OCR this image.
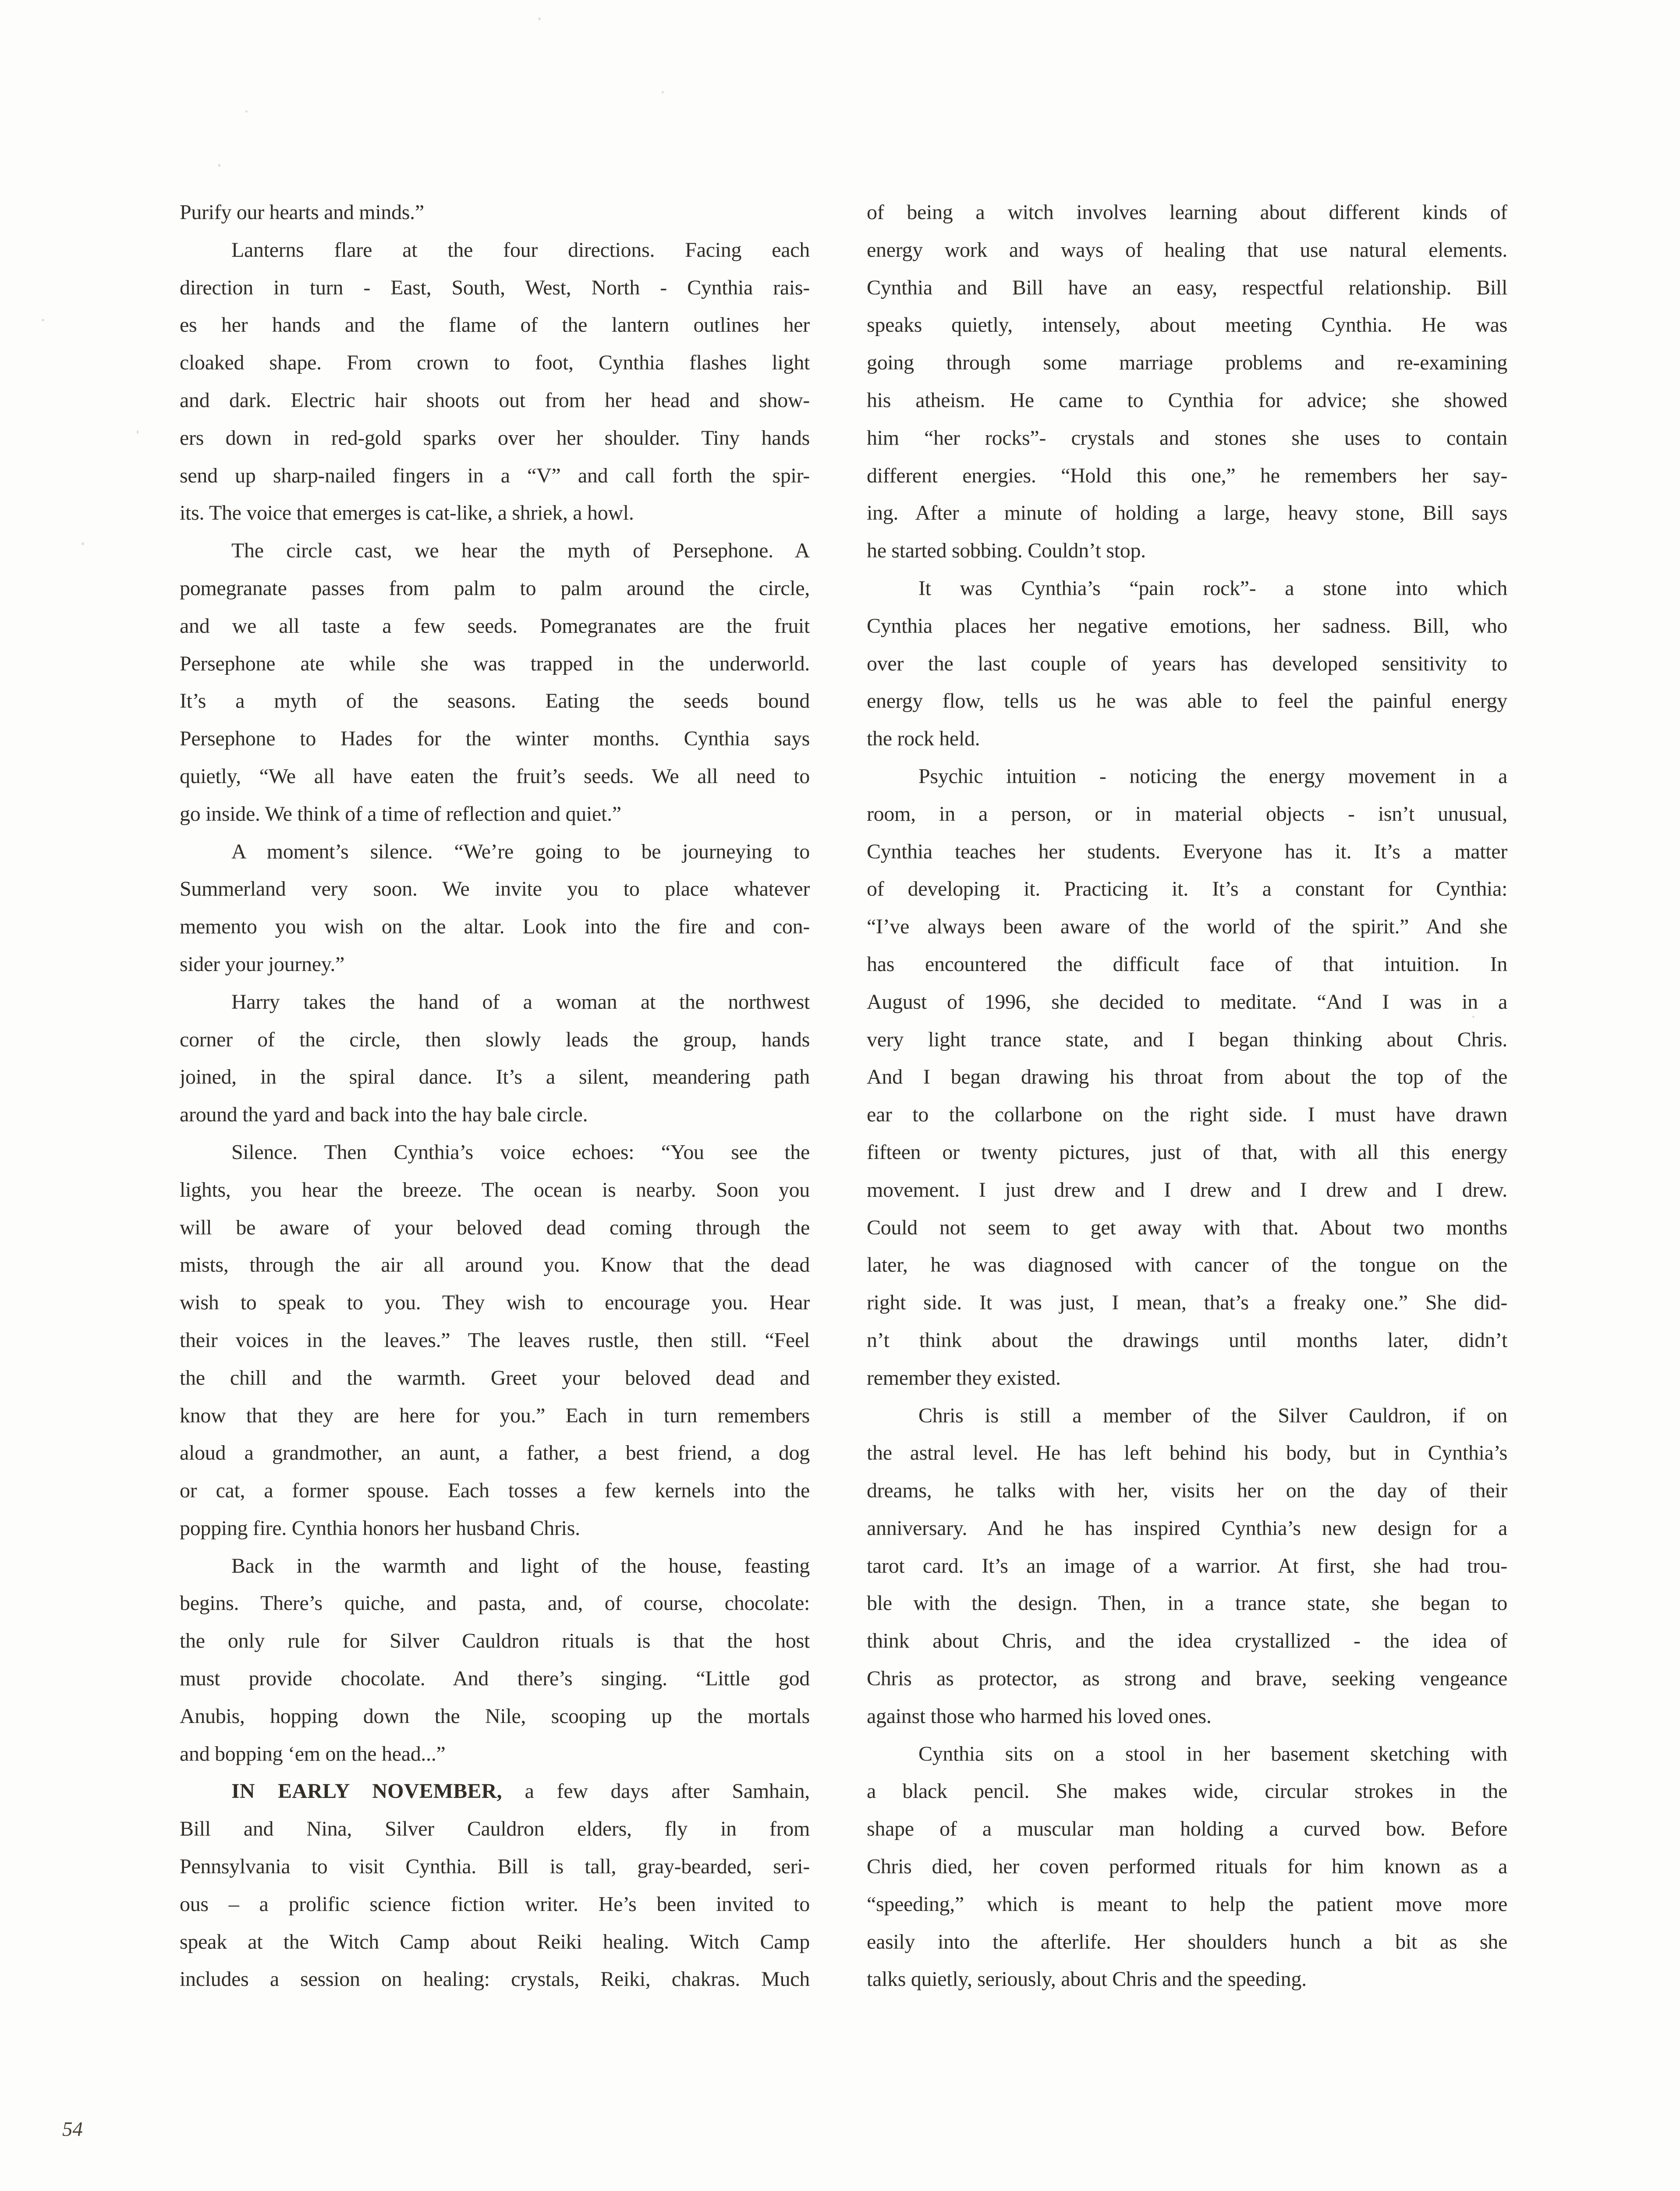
Purify our hearts and minds.”
Lanterns flare at the four directions. Facing each
direction in turn - East, South, West, North - Cynthia rais-
es her hands and the flame of the lantern outlines her
cloaked shape. From crown to foot, Cynthia flashes light
and dark. Electric hair shoots out from her head and show-
ers down in red-gold sparks over her shoulder. Tiny hands
send up sharp-nailed fingers in a “V” and call forth the spir-
its. The voice that emerges is cat-like, a shriek, a howl.
The circle cast, we hear the myth of Persephone. A
pomegranate passes from palm to palm around the circle,
and we all taste a few seeds. Pomegranates are the fruit
Persephone ate while she was trapped in the underworld.
It’s a myth of the seasons. Eating the seeds bound
Persephone to Hades for the winter months. Cynthia says
quietly, “We all have eaten the fruit’s seeds. We all need to
go inside. We think of a time of reflection and quiet.”
A moment’s silence. “We’re going to be journeying to
Summerland very soon. We invite you to place whatever
memento you wish on the altar. Look into the fire and con-
sider your journey.”
Harry takes the hand of a woman at the northwest
corner of the circle, then slowly leads the group, hands
joined, in the spiral dance. It’s a silent, meandering path
around the yard and back into the hay bale circle.
Silence. Then Cynthia’s voice echoes: “You see the
lights, you hear the breeze. The ocean is nearby. Soon you
will be aware of your beloved dead coming through the
mists, through the air all around you. Know that the dead
wish to speak to you. They wish to encourage you. Hear
their voices in the leaves.” The leaves rustle, then still. “Feel
the chill and the warmth. Greet your beloved dead and
know that they are here for you.” Each in turn remembers
aloud a grandmother, an aunt, a father, a best friend, a dog
or cat, a former spouse. Each tosses a few kernels into the
popping fire. Cynthia honors her husband Chris.
Back in the warmth and light of the house, feasting
begins. There’s quiche, and pasta, and, of course, chocolate:
the only rule for Silver Cauldron rituals is that the host
must provide chocolate. And there’s singing. “Little god
Anubis, hopping down the Nile, scooping up the mortals
and bopping ‘em on the head...”
IN EARLY NOVEMBER, a few days after Samhain,
Bill and Nina, Silver Cauldron elders, fly in from
Pennsylvania to visit Cynthia. Bill is tall, gray-bearded, seri-
ous – a prolific science fiction writer. He’s been invited to
speak at the Witch Camp about Reiki healing. Witch Camp
includes a session on healing: crystals, Reiki, chakras. Much
of being a witch involves learning about different kinds of
energy work and ways of healing that use natural elements.
Cynthia and Bill have an easy, respectful relationship. Bill
speaks quietly, intensely, about meeting Cynthia. He was
going through some marriage problems and re-examining
his atheism. He came to Cynthia for advice; she showed
him “her rocks”- crystals and stones she uses to contain
different energies. “Hold this one,” he remembers her say-
ing. After a minute of holding a large, heavy stone, Bill says
he started sobbing. Couldn’t stop.
It was Cynthia’s “pain rock”- a stone into which
Cynthia places her negative emotions, her sadness. Bill, who
over the last couple of years has developed sensitivity to
energy flow, tells us he was able to feel the painful energy
the rock held.
Psychic intuition - noticing the energy movement in a
room, in a person, or in material objects - isn’t unusual,
Cynthia teaches her students. Everyone has it. It’s a matter
of developing it. Practicing it. It’s a constant for Cynthia:
“I’ve always been aware of the world of the spirit.” And she
has encountered the difficult face of that intuition. In
August of 1996, she decided to meditate. “And I was in a
very light trance state, and I began thinking about Chris.
And I began drawing his throat from about the top of the
ear to the collarbone on the right side. I must have drawn
fifteen or twenty pictures, just of that, with all this energy
movement. I just drew and I drew and I drew and I drew.
Could not seem to get away with that. About two months
later, he was diagnosed with cancer of the tongue on the
right side. It was just, I mean, that’s a freaky one.” She did-
n’t think about the drawings until months later, didn’t
remember they existed.
Chris is still a member of the Silver Cauldron, if on
the astral level. He has left behind his body, but in Cynthia’s
dreams, he talks with her, visits her on the day of their
anniversary. And he has inspired Cynthia’s new design for a
tarot card. It’s an image of a warrior. At first, she had trou-
ble with the design. Then, in a trance state, she began to
think about Chris, and the idea crystallized - the idea of
Chris as protector, as strong and brave, seeking vengeance
against those who harmed his loved ones.
Cynthia sits on a stool in her basement sketching with
a black pencil. She makes wide, circular strokes in the
shape of a muscular man holding a curved bow. Before
Chris died, her coven performed rituals for him known as a
“speeding,” which is meant to help the patient move more
easily into the afterlife. Her shoulders hunch a bit as she
talks quietly, seriously, about Chris and the speeding.
54
